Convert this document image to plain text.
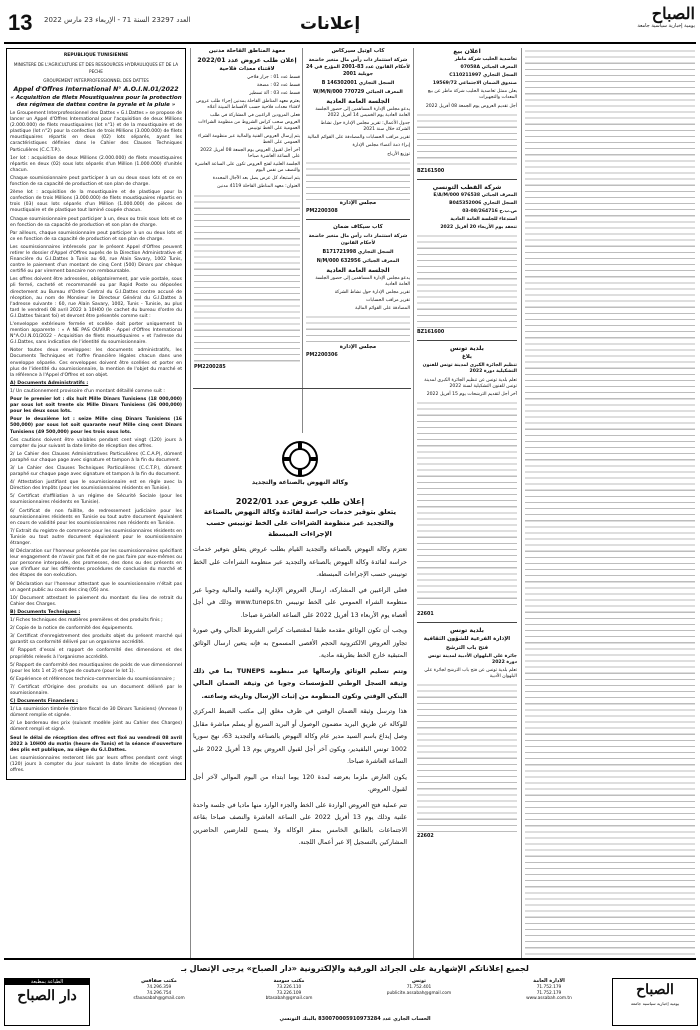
13 العدد 23297 السنة 71 - الإربعاء 23 مارس 2022	إعلانات
الصباح
يومية إخبارية سياسية جامعة
REPUBLIQUE TUNISIENNE
MINISTERE DE L'AGRICULTURE ET DES RESSOURCES HYDRAULIQUES ET DE LA PECHE
GROUPEMENT INTERPROFESSIONNEL DES DATTES
Appel d'Offres International N° A.O.I.N.01/2022
« Acquisition de filets Moustiquaires pour la protection des régimes de dattes contre la pyrale et la pluie »

Le Groupement Interprofessionnel des Dattes « G.I.Dattes » se propose de lancer un Appel d'Offres International pour l'acquisition de deux Millions (2.000.000) de filets moustiquaires (lot n°1) et de la moustiquaire et de plastique (lot n°2) pour la confection de trois Millions (3.000.000) de filets moustiquaires répartis en deux (02) lots séparés, ayant les caractéristiques définies dans le Cahier des Clauses Techniques Particulières (C.C.T.P.).

1er lot : acquisition de deux Millions (2.000.000) de filets moustiquaires répartis en deux (02) sous lots séparés d'un Million (1.000.000) d'unités chacun.

Chaque soumissionnaire peut participer à un ou deux sous lots et ce en fonction de sa capacité de production et son plan de charge.

2ème lot : acquisition de la moustiquaire et de plastique pour la confection de trois Millions (3.000.000) de filets moustiquaires répartis en trois (03) sous lots séparés d'un Million (1.000.000) de pièces de moustiquaire et de plastique tout laminé coupée chacun.

Chaque soumissionnaire peut participer à un, deux ou trois sous lots et ce en fonction de sa capacité de production et son plan de charge.

Par ailleurs, chaque soumissionnaire peut participer à un ou deux lots et ce en fonction de sa capacité de production et son plan de charge.

Les soumissionnaires intéressés par le présent Appel d'Offres peuvent retirer le dossier d'Appel d'Offres auprès de la Direction Administrative et Financière du G.I.Dattes à Tunis au 60, rue Alain Savary, 1002 Tunis, contre le paiement d'un montant de cinq Cent (500) Dinars par chèque certifié ou par virement bancaire non remboursable.

Les offres doivent être adressées, obligatoirement, par voie postale, sous pli fermé, cacheté et recommandé ou par Rapid Poste ou déposées directement au Bureau d'Ordre Central du G.I.Dattes contre accusé de réception, au nom de Monsieur le Directeur Général du G.I.Dattes à l'adresse suivante : 60, rue Alain Savary, 1002, Tunis - Tunisie, au plus tard le vendredi 08 avril 2022 à 10H00 (le cachet du bureau d'ordre du G.I.Dattes faisant foi) et devront être présentés comme suit :

L'enveloppe extérieure fermée et scellée doit porter uniquement la mention apparente : « A NE PAS OUVRIR - Appel d'Offres International N°A.O.I.N.01/2022 - Acquisition de filets moustiquaires » et l'adresse du G.I.Dattes, sans indication de l'identité du soumissionnaire.

Noter toutes deux enveloppes: les documents administratifs, les Documents Techniques et l'offre financière légales chacun dans une enveloppe séparée. Ces enveloppes doivent être scellées et porter en plus de l'identité du soumissionnaire, la mention de l'objet du marché et la référence à l'Appel d'Offres et son objet.

A) Documents Administratifs :

1/ Un cautionnement provisoire d'un montant détaillé comme suit :

Pour le premier lot : dix huit Mille Dinars Tunisiens (18 000,000) par sous lot soit trente six Mille Dinars Tunisiens (36 000,000) pour les deux sous lots.

Pour le deuxième lot : seize Mille cinq Dinars Tunisiens (16 500,000) par sous lot soit quarante neuf Mille cinq cent Dinars Tunisiens (49 500,000) pour les trois sous lots.

Ces cautions doivent être valables pendant cent vingt (120) jours à compter du jour suivant la date limite de réception des offres.

2/ Le Cahier des Clauses Administratives Particulières (C.C.A.P), dûment paraphé sur chaque page avec signature et tampon à la fin du document.

3/ Le Cahier des Clauses Techniques Particulières (C.C.T.P.), dûment paraphé sur chaque page avec signature et tampon à la fin du document.

4/ Attestation justifiant que le soumissionnaire est en règle avec la Direction des Impôts (pour les soumissionnaires résidents en Tunisie).

5/ Certificat d'affiliation à un régime de Sécurité Sociale (pour les soumissionnaires résidents en Tunisie).

6/ Certificat de non faillite, de redressement judiciaire pour les soumissionnaires résidents en Tunisie ou tout autre document équivalent en cours de validité pour les soumissionnaires non résidents en Tunisie.

7/ Extrait du registre de commerce pour les soumissionnaires résidents en Tunisie ou tout autre document équivalent pour le soumissionnaire étranger.

8/ Déclaration sur l'honneur présentée par les soumissionnaires spécifiant leur engagement de n'avoir pas fait et de ne pas faire par eux-mêmes ou par personne interposée, des promesses, des dons ou des présents en vue d'influer sur les différentes procédures de conclusion du marché et des étapes de son exécution.

9/ Déclaration sur l'honneur attestant que le soumissionnaire n'était pas un agent public au cours des cinq (05) ans.

10/ Document attestant le paiement du montant du lieu de retrait du Cahier des Charges.

B) Documents Techniques :

1/ Fiches techniques des matières premières et des produits finis ;

2/ Copie de la notice de conformité des équipements.

3/ Certificat d'enregistrement des produits objet du présent marché qui garantit sa conformité délivré par un organisme accrédité.

4/ Rapport d'essai et rapport de conformité des dimensions et des propriétés relevés à l'organisme accrédité.

5/ Rapport de conformité des moustiquaires de poids de vue dimensionnel (pour les lots 1 et 2) et type de couture (pour le lot 1).

6/ Expérience et références technico-commerciale du soumissionnaire ;

7/ Certificat d'Origine des produits ou un document délivré par le soumissionnaire.

C) Documents Financiers :

1/ La soumission timbrée (timbre fiscal de 30 Dinars Tunisiens) (Annexe I) dûment remplie et signée.

2/ Le bordereau des prix (suivant modèle joint au Cahier des Charges) dûment rempli et signé.

Seul le délai de réception des offres est fixé au vendredi 08 avril 2022 à 10H00 du matin (heure de Tunis) et la séance d'ouverture des plis est publique, au siège du G.I.Dattes.

Les soumissionnaires resteront liés par leurs offres pendant cent vingt (120) jours à compter du jour suivant la date limite de réception des offres.

معهد المناطق القاحلة مدنين
إعلان طلب عروض عدد 2022/01
لاقتناء معدات فلاحية

قسط عدد 01 : جرار فلاحي

قسط عدد 02 : مضخة

قسط عدد 03 : آلة تسطير

يعتزم معهد المناطق القاحلة بمدنين إجراء طلب عروض لاقتناء معدات فلاحية حسب الأقساط المبينة أعلاه

فعلى المزودين الراغبين في المشاركة في طلب العروض سحب كراس الشروط من منظومة الشراءات العمومية على الخط تونيبس

يتم إرسال العروض الفنية والمالية عبر منظومة الشراء العمومي على الخط

آخر أجل لقبول العروض يوم الجمعة 08 أفريل 2022 على الساعة العاشرة صباحا

الجلسة العلنية لفتح العروض تكون على الساعة العاشرة والنصف من نفس اليوم

يتم استبعاد كل عرض يصل بعد الآجال المحددة

العنوان: معهد المناطق القاحلة 4119 مدنين

PM2200285
كاب أوتيل سيركاس
شركة استثمار ذات رأس مال متغير خاضعة لأحكام القانون عدد 83-2001 المؤرخ في 24 جويلية 2001
السجل التجاري B 146302001
المعرف الجبائي 770729 W/M/N/000
الجلسة العامة العادية

يدعو مجلس الإدارة المساهمين إلى حضور الجلسة العامة العادية يوم الخميس 14 أفريل 2022

جدول الأعمال: تقرير مجلس الإدارة حول نشاط الشركة خلال سنة 2021

تقرير مراقب الحسابات والمصادقة على القوائم المالية

إبراء ذمة أعضاء مجلس الإدارة

توزيع الأرباح

مجلس الإدارة
PM2200308
كاب سيكاف ضمان
شركة استثمار ذات رأس مال متغير خاضعة لأحكام القانون
السجل التجاري B171721998
المعرف الجبائي 632956 N/M/000
الجلسة العامة العادية

يدعو مجلس الإدارة المساهمين إلى حضور الجلسة العامة العادية

تقرير مجلس الإدارة حول نشاط الشركة

تقرير مراقب الحسابات

المصادقة على القوائم المالية

مجلس الإدارة
PM2200306
وكالة النهوض بالصناعة والتجديد
إعلان طلب عروض عدد 2022/01
يتعلق بتوفير خدمات حراسة لفائدة وكالة النهوض بالصناعة والتجديد عبر منظومة الشراءات على الخط تونيبس حسب الإجراءات المبسطة

تعتزم وكالة النهوض بالصناعة والتجديد القيام بطلب عروض يتعلق بتوفير خدمات حراسة لفائدة وكالة النهوض بالصناعة والتجديد عبر منظومة الشراءات على الخط تونيبس حسب الإجراءات المبسطة.

فعلى الراغبين في المشاركة، ارسال العروض الإدارية والفنية والمالية وجوبا عبر منظومة الشراء العمومي على الخط تونيبس www.tuneps.tn وذلك في أجل أقصاه يوم الأربعاء 13 أفريل 2022 على الساعة العاشرة صباحا.

ويجب أن تكون الوثائق مقدمة طبقا لمقتضيات كراس الشروط الحالي وفي صورة تجاوز العروض الالكترونية الحجم الأقصى المسموح به فإنه يتعين ارسال الوثائق المتبقية خارج الخط بطريقة مادية.

وتتم تسليم الوثائق وارسالها عبر منظومة TUNEPS بما في ذلك وثيقة السجل الوطني للمؤسسات وجوبا عن وثيقة الضمان المالي البنكي الوقتي وتكون المنظومة من إثبات الإرسال وتاريخه وساعته.

هذا وترسل وثيقة الضمان الوقتي في ظرف مغلق إلى مكتب الضبط المركزي للوكالة عن طريق البريد مضمون الوصول أو البريد السريع أو يسلم مباشرة مقابل وصل إيداع باسم السيد مدير عام وكالة النهوض بالصناعة والتجديد 63، نهج سوريا 1002 تونس البلفيدير، ويكون آخر أجل لقبول العروض يوم 13 أفريل 2022 على الساعة العاشرة صباحا.

يكون العارض ملزما بعرضه لمدة 120 يوما ابتداء من اليوم الموالي لآخر أجل لقبول العروض.

تتم عملية فتح العروض الواردة على الخط والجزء الوارد منها ماديا في جلسة واحدة علنية وذلك يوم 13 أفريل 2022 على الساعة العاشرة والنصف صباحا بقاعة الاجتماعات بالطابق الخامس بمقر الوكالة ولا يسمح للعارضين الحاضرين المشاركين بالتسجيل إلا عبر أعمال اللجنة.

اعلان بيع

تعاضدية الحليب شركة ماطر

المعرف الجبائي 07058A

السجل التجاري C110211997

صندوق الضمان الاجتماعي 19569/72

يعلن ممثل تعاضدية الحليب شركة ماطر عن بيع المعدات والتجهيزات

أجل تقديم العروض يوم الجمعة 08 أفريل 2022

BZ161500
شركة القطب التونسي

المعرف الجبائي 976538 E/A/M/000

السجل التجاري B045352006

ص.ب.ح 08/264716-03

استدعاء للجلسة العامة العادية

تنعقد يوم الأربعاء 20 أفريل 2022

BZ161600
بلدية تونس

بلاغ

تنظيم الجائزة الكبرى لمدينة تونس للفنون التشكيلية دورة 2022

تعلم بلدية تونس عن تنظيم الجائزة الكبرى لمدينة تونس للفنون التشكيلية لسنة 2022

آخر أجل لتقديم الترشحات يوم 15 أفريل 2022

22601
بلدية تونس

الإدارة الفرعية للشؤون الثقافية

فتح باب الترشح

جائزة علي البلهوان الأدبية لمدينة تونس دورة 2022

تعلم بلدية تونس عن فتح باب الترشح لجائزة علي البلهوان الأدبية

22602
لجميع إعلاناتكم الإشهارية على الجرائد الورقية والإلكترونية «دار الصباح» يرجى الإتصال بـ
الطباعة بمطبعة
دار الصباح	الصباح
يومية إخبارية سياسية جامعة
مكتب صفاقس
74.296.359
74.296.754
sfaxasabah@gmail.com
مكتب سوسة
73.226.110
73.226.109
btasabah@gmail.com
تونس
71.752.401
publicite.assabah@gmail.com
الادارة العامة
71.752.179
71.752.179
www.assabah.com.tn
الحساب الجاري عدد 830070005910973284 بالبنك التونسي
